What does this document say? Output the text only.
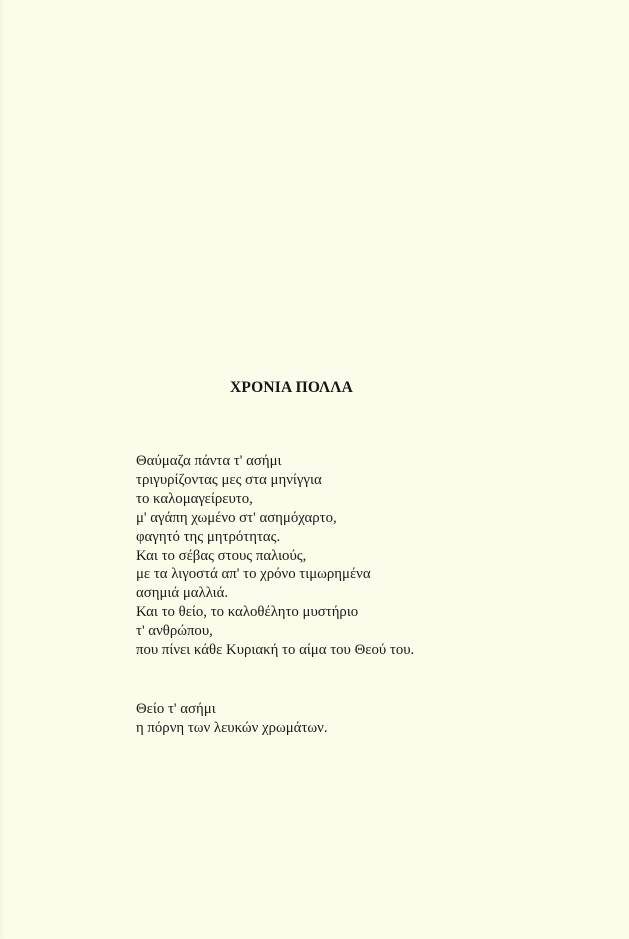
ΧΡΟΝΙΑ ΠΟΛΛΑ
Θαύμαζα πάντα τ' ασήμι
τριγυρίζοντας μες στα μηνίγγια
το καλομαγείρευτο,
μ' αγάπη χωμένο στ' ασημόχαρτο,
φαγητό της μητρότητας.
Και το σέβας στους παλιούς,
με τα λιγοστά απ' το χρόνο τιμωρημένα
ασημιά μαλλιά.
Και το θείο, το καλοθέλητο μυστήριο
τ' ανθρώπου,
που πίνει κάθε Κυριακή το αίμα του Θεού του.
Θείο τ' ασήμι
η πόρνη των λευκών χρωμάτων.
